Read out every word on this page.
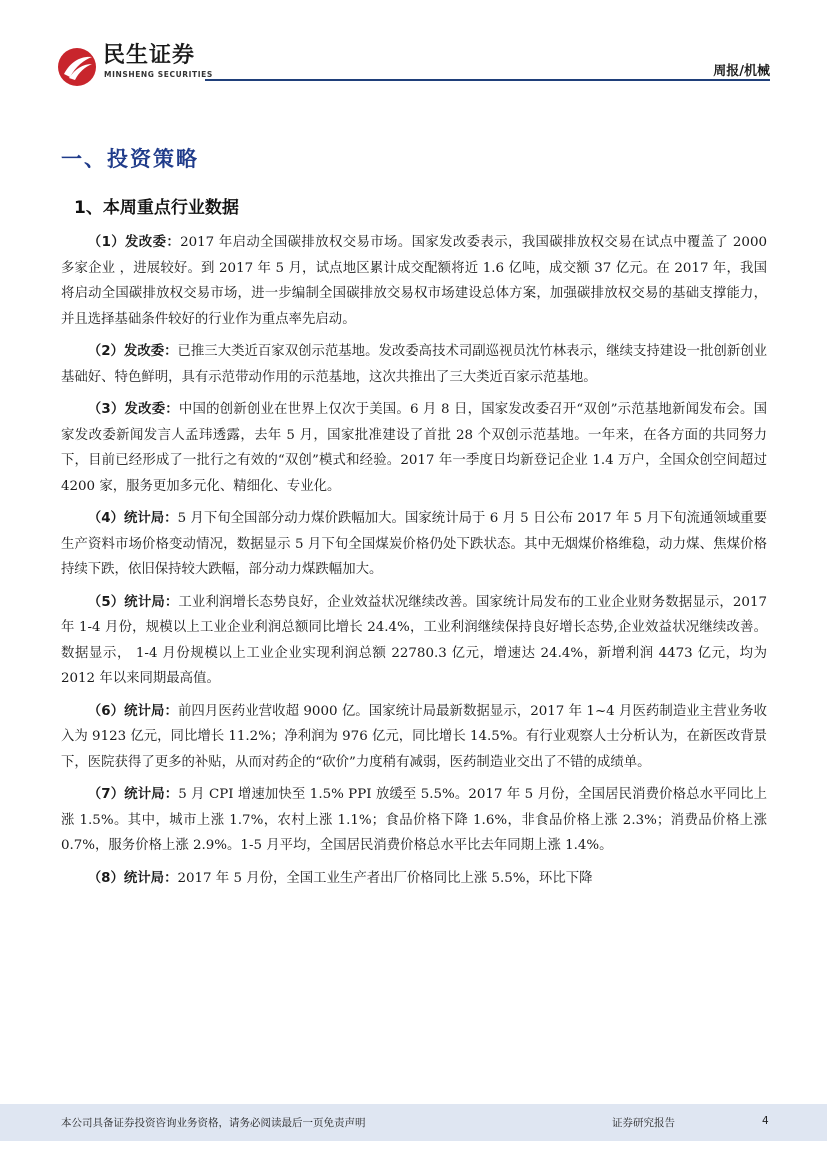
民生证券
MINSHENG SECURITIES	周报/机械
一、投资策略
1、本周重点行业数据

（1）发改委：2017 年启动全国碳排放权交易市场。国家发改委表示，我国碳排放权交易在试点中覆盖了 2000 多家企业 ，进展较好。到 2017 年 5 月，试点地区累计成交配额将近 1.6 亿吨，成交额 37 亿元。在 2017 年，我国将启动全国碳排放权交易市场，进一步编制全国碳排放交易权市场建设总体方案，加强碳排放权交易的基础支撑能力，并且选择基础条件较好的行业作为重点率先启动。

（2）发改委：已推三大类近百家双创示范基地。发改委高技术司副巡视员沈竹林表示，继续支持建设一批创新创业基础好、特色鲜明，具有示范带动作用的示范基地，这次共推出了三大类近百家示范基地。

（3）发改委：中国的创新创业在世界上仅次于美国。6 月 8 日，国家发改委召开“双创”示范基地新闻发布会。国家发改委新闻发言人孟玮透露，去年 5 月，国家批准建设了首批 28 个双创示范基地。一年来，在各方面的共同努力下，目前已经形成了一批行之有效的“双创”模式和经验。2017 年一季度日均新登记企业 1.4 万户，全国众创空间超过 4200 家，服务更加多元化、精细化、专业化。

（4）统计局：5 月下旬全国部分动力煤价跌幅加大。国家统计局于 6 月 5 日公布 2017 年 5 月下旬流通领域重要生产资料市场价格变动情况，数据显示 5 月下旬全国煤炭价格仍处下跌状态。其中无烟煤价格维稳，动力煤、焦煤价格持续下跌，依旧保持较大跌幅，部分动力煤跌幅加大。

（5）统计局：工业利润增长态势良好，企业效益状况继续改善。国家统计局发布的工业企业财务数据显示，2017 年 1-4 月份，规模以上工业企业利润总额同比增长 24.4%，工业利润继续保持良好增长态势,企业效益状况继续改善。数据显示， 1-4 月份规模以上工业企业实现利润总额 22780.3 亿元，增速达 24.4%，新增利润 4473 亿元，均为 2012 年以来同期最高值。

（6）统计局：前四月医药业营收超 9000 亿。国家统计局最新数据显示，2017 年 1~4 月医药制造业主营业务收入为 9123 亿元，同比增长 11.2%；净利润为 976 亿元，同比增长 14.5%。有行业观察人士分析认为，在新医改背景下，医院获得了更多的补贴，从而对药企的“砍价”力度稍有减弱，医药制造业交出了不错的成绩单。

（7）统计局：5 月 CPI 增速加快至 1.5% PPI 放缓至 5.5%。2017 年 5 月份，全国居民消费价格总水平同比上涨 1.5%。其中，城市上涨 1.7%，农村上涨 1.1%；食品价格下降 1.6%，非食品价格上涨 2.3%；消费品价格上涨 0.7%，服务价格上涨 2.9%。1-5 月平均，全国居民消费价格总水平比去年同期上涨 1.4%。

（8）统计局：2017 年 5 月份，全国工业生产者出厂价格同比上涨 5.5%，环比下降

本公司具备证券投资咨询业务资格，请务必阅读最后一页免责声明	证券研究报告	4
